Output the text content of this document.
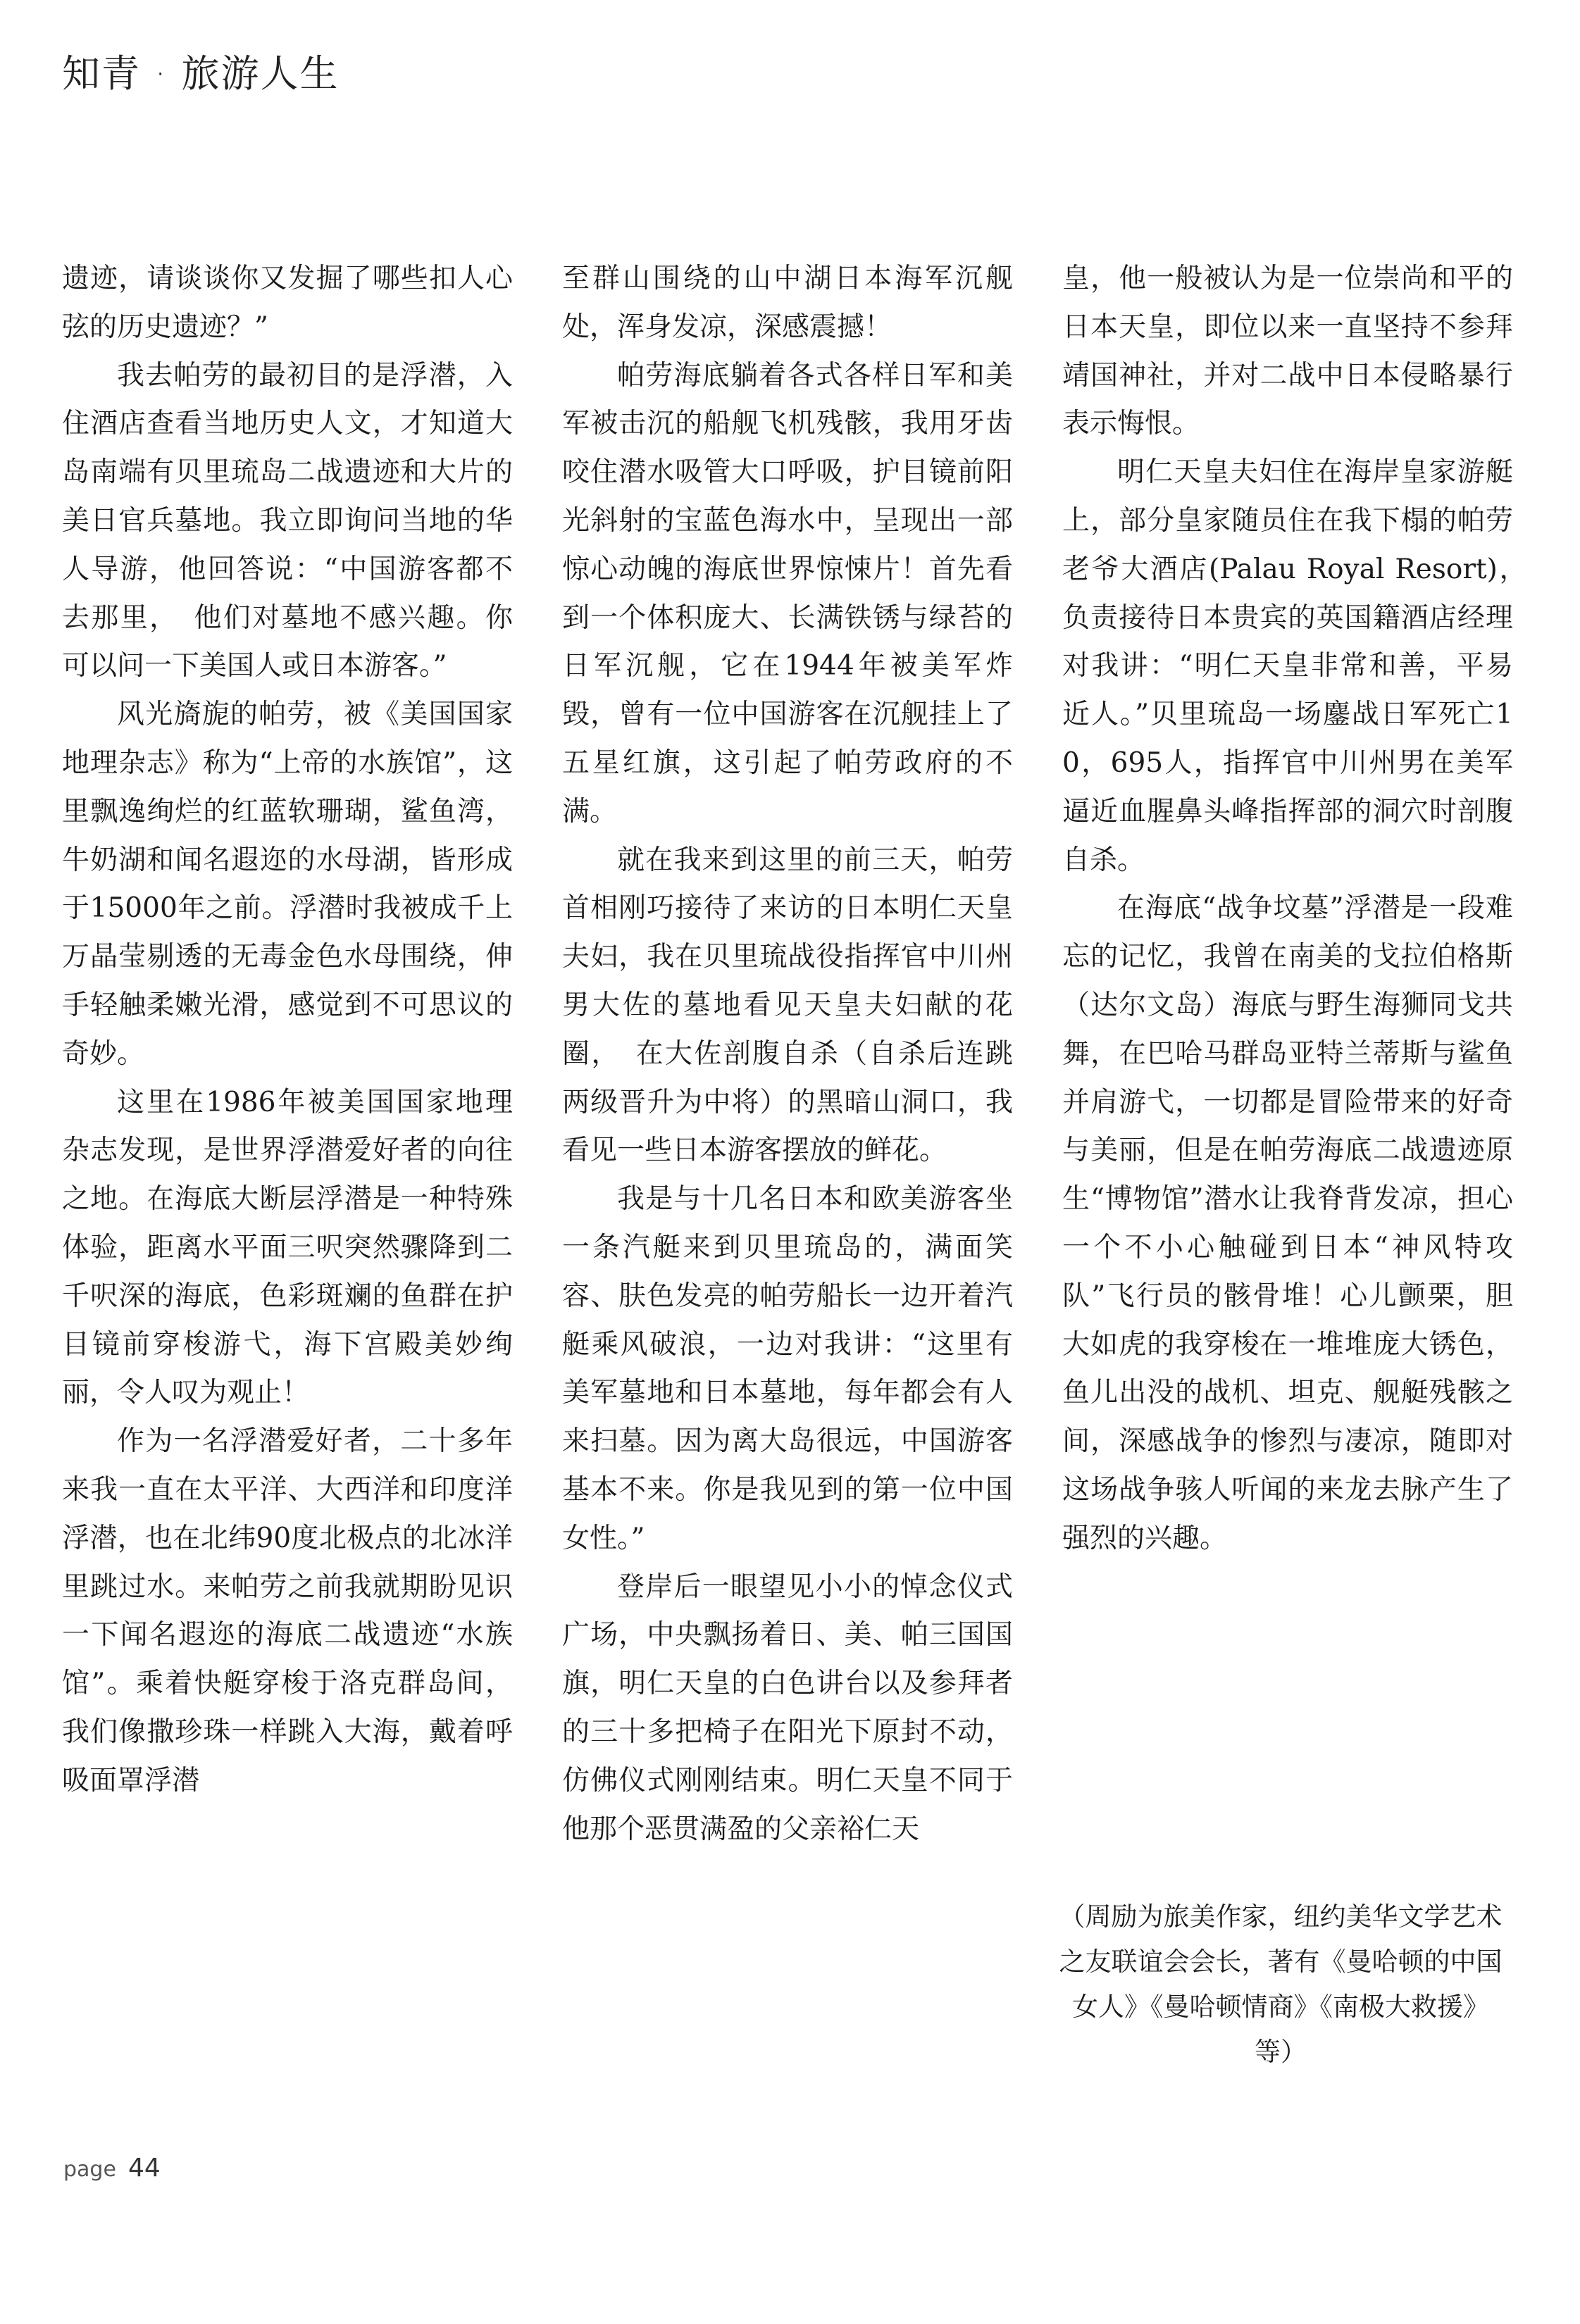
知青 · 旅游人生

遗迹，请谈谈你又发掘了哪些扣人心弦的历史遗迹？”

我去帕劳的最初目的是浮潜，入住酒店查看当地历史人文，才知道大岛南端有贝里琉岛二战遗迹和大片的美日官兵墓地。我立即询问当地的华人导游，他回答说：“中国游客都不去那里，　他们对墓地不感兴趣。你可以问一下美国人或日本游客。”

风光旖旎的帕劳，被《美国国家地理杂志》称为“上帝的水族馆”，这里飘逸绚烂的红蓝软珊瑚，鲨鱼湾，牛奶湖和闻名遐迩的水母湖，皆形成于15000年之前。浮潜时我被成千上万晶莹剔透的无毒金色水母围绕，伸手轻触柔嫩光滑，感觉到不可思议的奇妙。

这里在1986年被美国国家地理杂志发现，是世界浮潜爱好者的向往之地。在海底大断层浮潜是一种特殊体验，距离水平面三呎突然骤降到二千呎深的海底，色彩斑斓的鱼群在护目镜前穿梭游弋，海下宫殿美妙绚丽，令人叹为观止！

作为一名浮潜爱好者，二十多年来我一直在太平洋、大西洋和印度洋浮潜，也在北纬90度北极点的北冰洋里跳过水。来帕劳之前我就期盼见识一下闻名遐迩的海底二战遗迹“水族馆”。乘着快艇穿梭于洛克群岛间，我们像撒珍珠一样跳入大海，戴着呼吸面罩浮潜

至群山围绕的山中湖日本海军沉舰处，浑身发凉，深感震撼！

帕劳海底躺着各式各样日军和美军被击沉的船舰飞机残骸，我用牙齿咬住潜水吸管大口呼吸，护目镜前阳光斜射的宝蓝色海水中，呈现出一部惊心动魄的海底世界惊悚片！首先看到一个体积庞大、长满铁锈与绿苔的日军沉舰，它在1944年被美军炸毁，曾有一位中国游客在沉舰挂上了五星红旗，这引起了帕劳政府的不满。

就在我来到这里的前三天，帕劳首相刚巧接待了来访的日本明仁天皇夫妇，我在贝里琉战役指挥官中川州男大佐的墓地看见天皇夫妇献的花圈，　在大佐剖腹自杀（自杀后连跳两级晋升为中将）的黑暗山洞口，我看见一些日本游客摆放的鲜花。

我是与十几名日本和欧美游客坐一条汽艇来到贝里琉岛的，满面笑容、肤色发亮的帕劳船长一边开着汽艇乘风破浪，一边对我讲：“这里有美军墓地和日本墓地，每年都会有人来扫墓。因为离大岛很远，中国游客基本不来。你是我见到的第一位中国女性。”

登岸后一眼望见小小的悼念仪式广场，中央飘扬着日、美、帕三国国旗，明仁天皇的白色讲台以及参拜者的三十多把椅子在阳光下原封不动，仿佛仪式刚刚结束。明仁天皇不同于他那个恶贯满盈的父亲裕仁天

皇，他一般被认为是一位崇尚和平的日本天皇，即位以来一直坚持不参拜靖国神社，并对二战中日本侵略暴行表示悔恨。

明仁天皇夫妇住在海岸皇家游艇上，部分皇家随员住在我下榻的帕劳老爷大酒店(Palau Royal Resort)，　负责接待日本贵宾的英国籍酒店经理对我讲：“明仁天皇非常和善，平易近人。”贝里琉岛一场鏖战日军死亡10，695人，指挥官中川州男在美军逼近血腥鼻头峰指挥部的洞穴时剖腹自杀。

在海底“战争坟墓”浮潜是一段难忘的记忆，我曾在南美的戈拉伯格斯（达尔文岛）海底与野生海狮同戈共舞，在巴哈马群岛亚特兰蒂斯与鲨鱼并肩游弋，一切都是冒险带来的好奇与美丽，但是在帕劳海底二战遗迹原生“博物馆”潜水让我脊背发凉，担心一个不小心触碰到日本“神风特攻队”飞行员的骸骨堆！心儿颤栗，胆大如虎的我穿梭在一堆堆庞大锈色，鱼儿出没的战机、坦克、舰艇残骸之间，深感战争的惨烈与凄凉，随即对这场战争骇人听闻的来龙去脉产生了强烈的兴趣。

（周励为旅美作家，纽约美华文学艺术之友联谊会会长，著有《曼哈顿的中国女人》《曼哈顿情商》《南极大救援》等）

page 44
